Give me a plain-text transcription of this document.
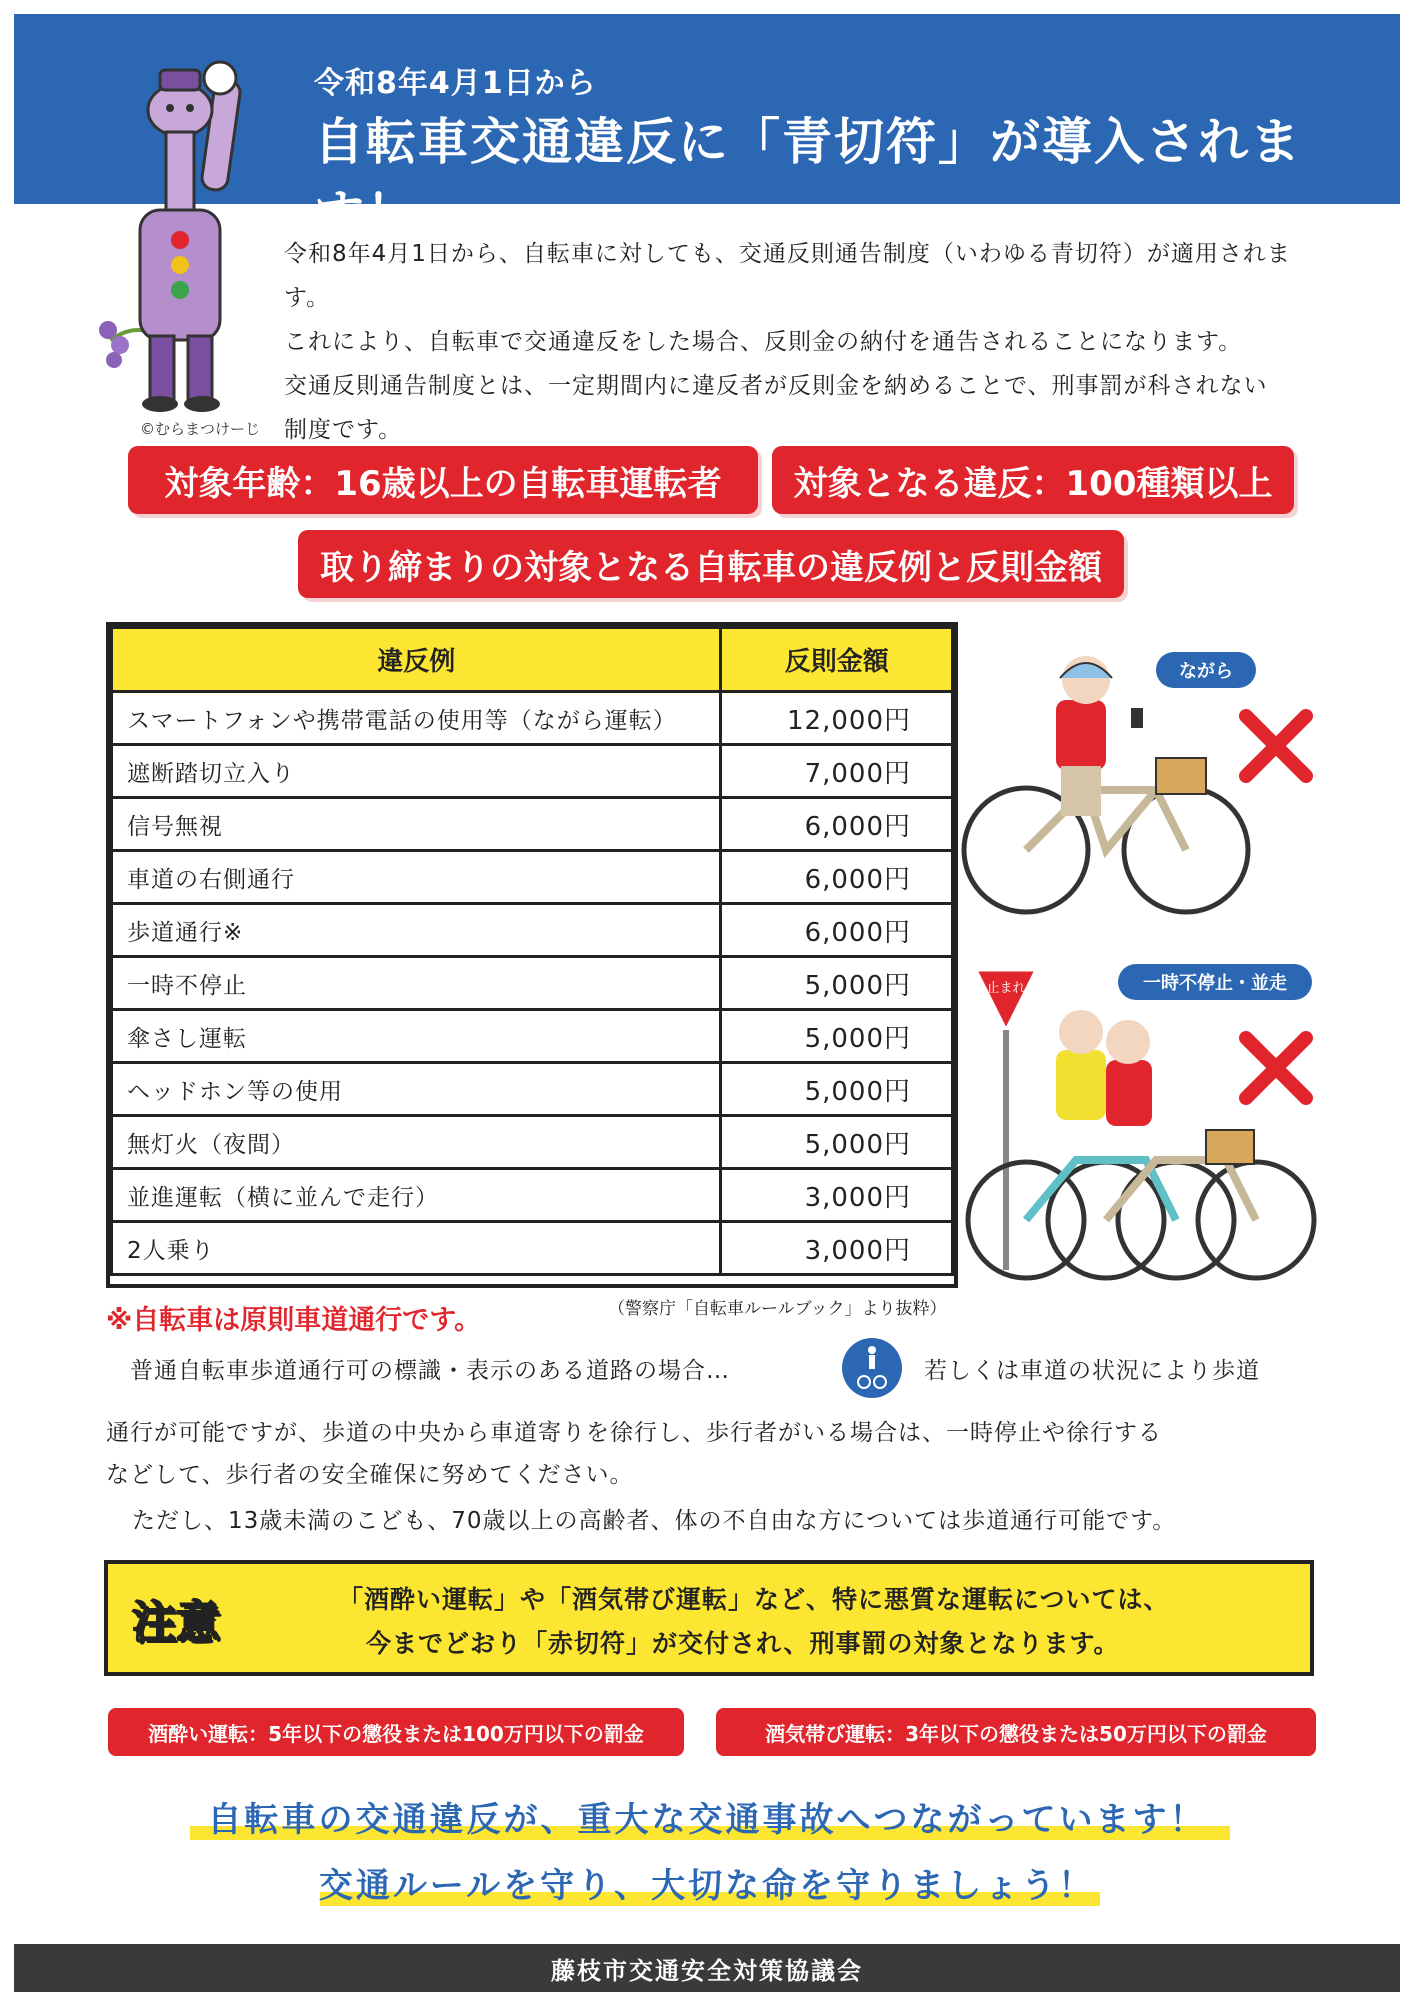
令和8年4月1日から
自転車交通違反に「青切符」が導入されます！
©むらまつけーじ
令和8年4月1日から、自転車に対しても、交通反則通告制度（いわゆる青切符）が適用されます。
これにより、自転車で交通違反をした場合、反則金の納付を通告されることになります。
交通反則通告制度とは、一定期間内に違反者が反則金を納めることで、刑事罰が科されない
制度です。
対象年齢：16歳以上の自転車運転者	対象となる違反：100種類以上
取り締まりの対象となる自転車の違反例と反則金額
違反例	反則金額
スマートフォンや携帯電話の使用等（ながら運転）	12,000円
遮断踏切立入り	7,000円
信号無視	6,000円
車道の右側通行	6,000円
歩道通行※	6,000円
一時不停止	5,000円
傘さし運転	5,000円
ヘッドホン等の使用	5,000円
無灯火（夜間）	5,000円
並進運転（横に並んで走行）	3,000円
2人乗り	3,000円
※自転車は原則車道通行です。	（警察庁「自転車ルールブック」より抜粋）
ながら
一時不停止・並走
止まれ
普通自転車歩道通行可の標識・表示のある道路の場合…	若しくは車道の状況により歩道
通行が可能ですが、歩道の中央から車道寄りを徐行し、歩行者がいる場合は、一時停止や徐行する
などして、歩行者の安全確保に努めてください。
ただし、13歳未満のこども、70歳以上の高齢者、体の不自由な方については歩道通行可能です。
注意	「酒酔い運転」や「酒気帯び運転」など、特に悪質な運転については、
今までどおり「赤切符」が交付され、刑事罰の対象となります。
酒酔い運転：5年以下の懲役または100万円以下の罰金	酒気帯び運転：3年以下の懲役または50万円以下の罰金
自転車の交通違反が、重大な交通事故へつながっています！
交通ルールを守り、大切な命を守りましょう！
藤枝市交通安全対策協議会
